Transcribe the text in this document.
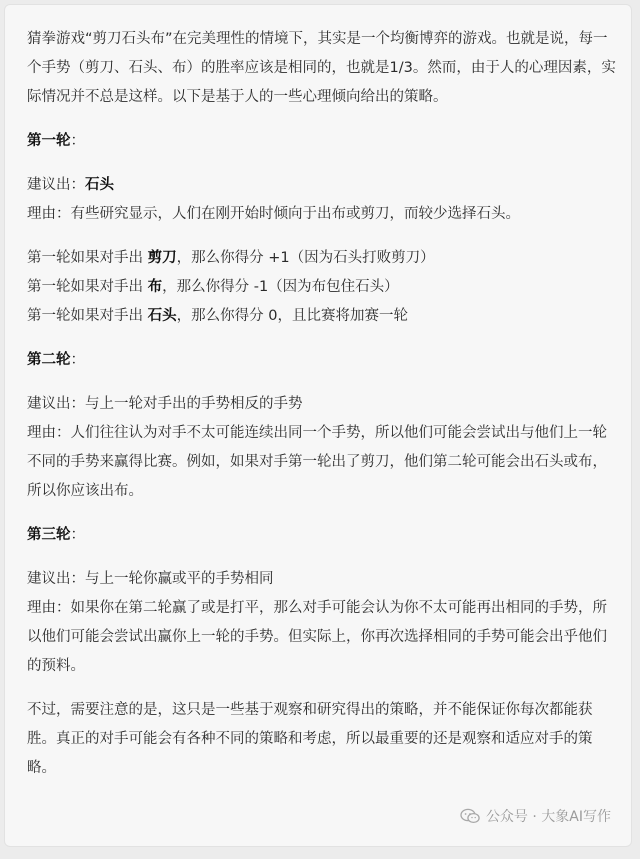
猜拳游戏“剪刀石头布”在完美理性的情境下，其实是一个均衡博弈的游戏。也就是说，每一个手势（剪刀、石头、布）的胜率应该是相同的，也就是1/3。然而，由于人的心理因素，实际情况并不总是这样。以下是基于人的一些心理倾向给出的策略。

第一轮：

建议出：石头
理由：有些研究显示，人们在刚开始时倾向于出布或剪刀，而较少选择石头。

第一轮如果对手出 剪刀，那么你得分 +1（因为石头打败剪刀）
第一轮如果对手出 布，那么你得分 -1（因为布包住石头）
第一轮如果对手出 石头，那么你得分 0，且比赛将加赛一轮

第二轮：

建议出：与上一轮对手出的手势相反的手势
理由：人们往往认为对手不太可能连续出同一个手势，所以他们可能会尝试出与他们上一轮不同的手势来赢得比赛。例如，如果对手第一轮出了剪刀，他们第二轮可能会出石头或布，所以你应该出布。

第三轮：

建议出：与上一轮你赢或平的手势相同
理由：如果你在第二轮赢了或是打平，那么对手可能会认为你不太可能再出相同的手势，所以他们可能会尝试出赢你上一轮的手势。但实际上，你再次选择相同的手势可能会出乎他们的预料。

不过，需要注意的是，这只是一些基于观察和研究得出的策略，并不能保证你每次都能获胜。真正的对手可能会有各种不同的策略和考虑，所以最重要的还是观察和适应对手的策略。

公众号 · 大象AI写作
